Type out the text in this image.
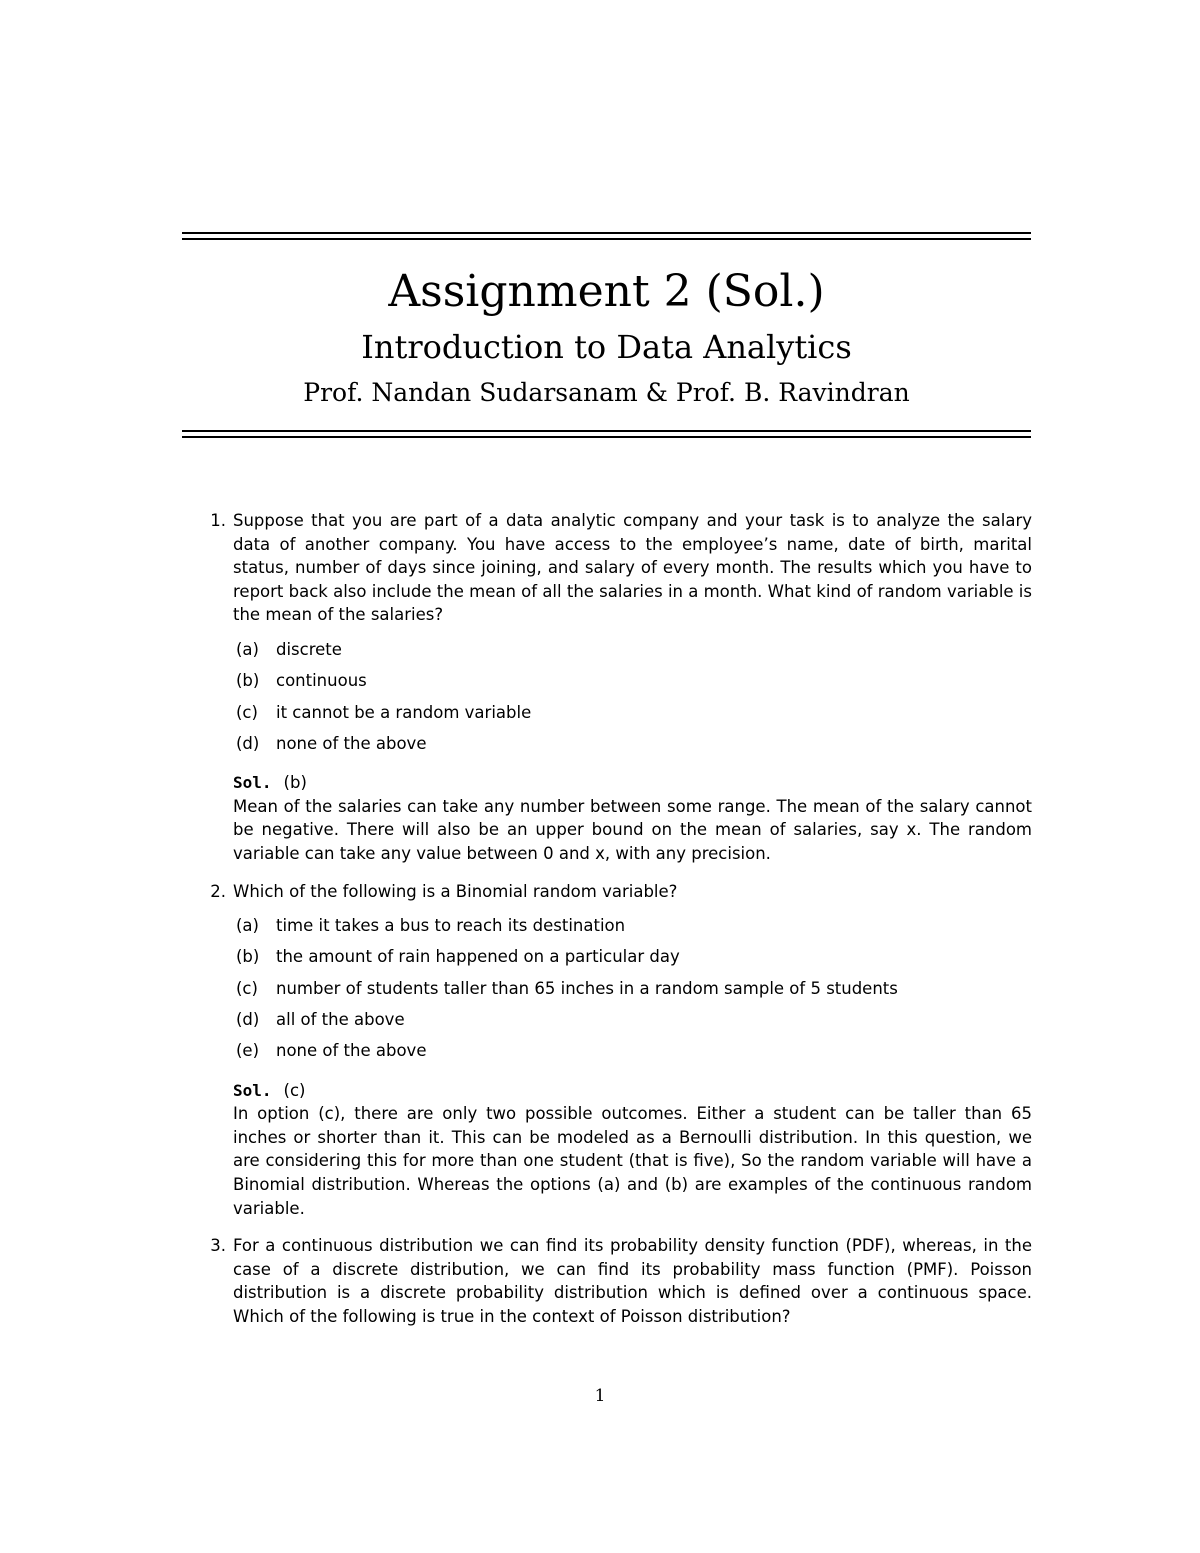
Assignment 2 (Sol.)
Introduction to Data Analytics
Prof. Nandan Sudarsanam & Prof. B. Ravindran
1. Suppose that you are part of a data analytic company and your task is to analyze the salary data of another company. You have access to the employee’s name, date of birth, marital status, number of days since joining, and salary of every month. The results which you have to report back also include the mean of all the salaries in a month. What kind of random variable is the mean of the salaries?
(a)	discrete
(b)	continuous
(c)	it cannot be a random variable
(d)	none of the above
Sol. (b)
Mean of the salaries can take any number between some range. The mean of the salary cannot be negative. There will also be an upper bound on the mean of salaries, say x. The random variable can take any value between 0 and x, with any precision.
2. Which of the following is a Binomial random variable?
(a)	time it takes a bus to reach its destination
(b)	the amount of rain happened on a particular day
(c)	number of students taller than 65 inches in a random sample of 5 students
(d)	all of the above
(e)	none of the above
Sol. (c)
In option (c), there are only two possible outcomes. Either a student can be taller than 65 inches or shorter than it. This can be modeled as a Bernoulli distribution. In this question, we are considering this for more than one student (that is five), So the random variable will have a Binomial distribution. Whereas the options (a) and (b) are examples of the continuous random variable.
3. For a continuous distribution we can find its probability density function (PDF), whereas, in the case of a discrete distribution, we can find its probability mass function (PMF). Poisson distribution is a discrete probability distribution which is defined over a continuous space. Which of the following is true in the context of Poisson distribution?
1
